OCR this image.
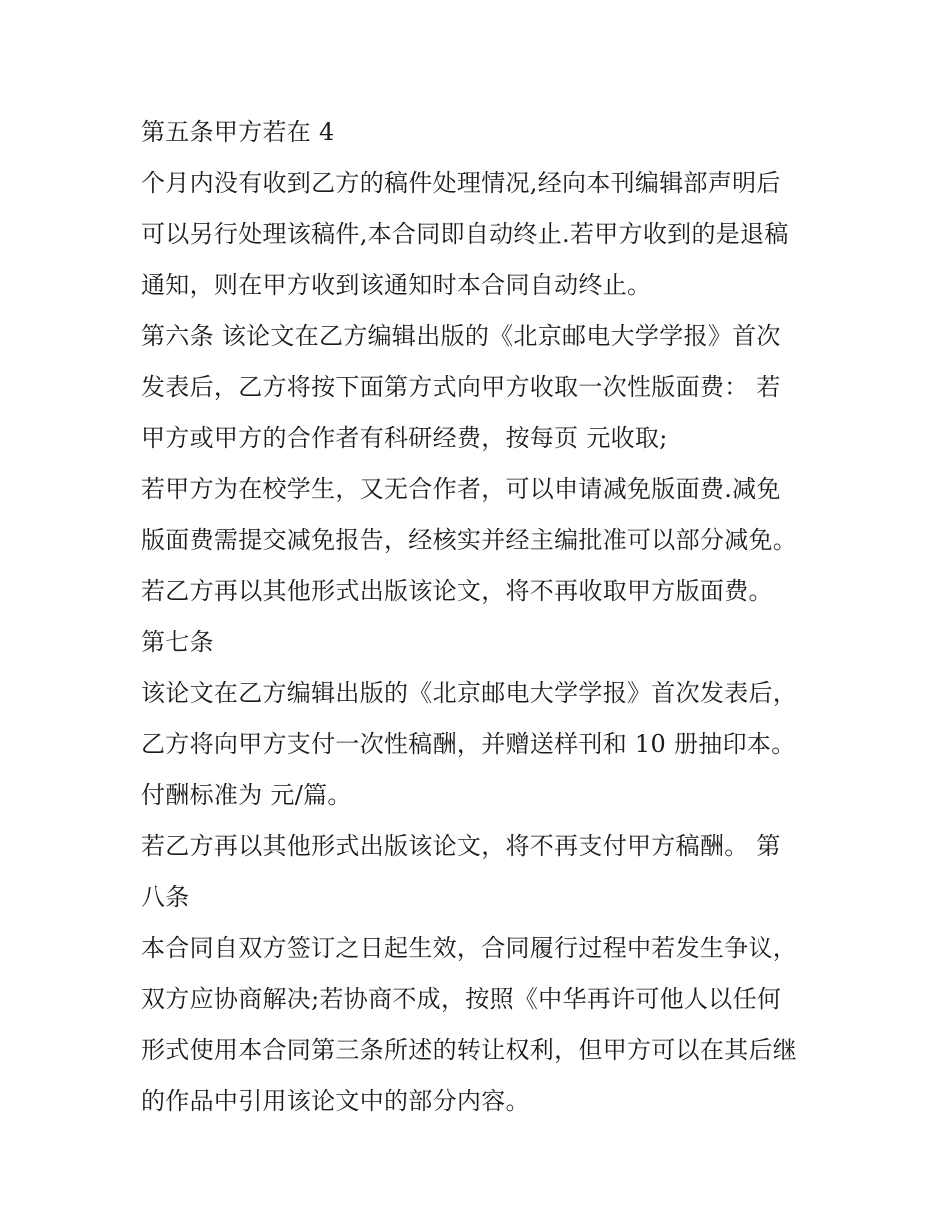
第五条甲方若在 4
个月内没有收到乙方的稿件处理情况,经向本刊编辑部声明后
可以另行处理该稿件,本合同即自动终止.若甲方收到的是退稿
通知，则在甲方收到该通知时本合同自动终止。
第六条 该论文在乙方编辑出版的《北京邮电大学学报》首次
发表后，乙方将按下面第方式向甲方收取一次性版面费： 若
甲方或甲方的合作者有科研经费，按每页 元收取;
若甲方为在校学生，又无合作者，可以申请减免版面费.减免
版面费需提交减免报告，经核实并经主编批准可以部分减免。
若乙方再以其他形式出版该论文，将不再收取甲方版面费。
第七条
该论文在乙方编辑出版的《北京邮电大学学报》首次发表后，
乙方将向甲方支付一次性稿酬，并赠送样刊和 10 册抽印本。
付酬标准为 元/篇。
若乙方再以其他形式出版该论文，将不再支付甲方稿酬。 第
八条
本合同自双方签订之日起生效，合同履行过程中若发生争议，
双方应协商解决;若协商不成，按照《中华再许可他人以任何
形式使用本合同第三条所述的转让权利，但甲方可以在其后继
的作品中引用该论文中的部分内容。
